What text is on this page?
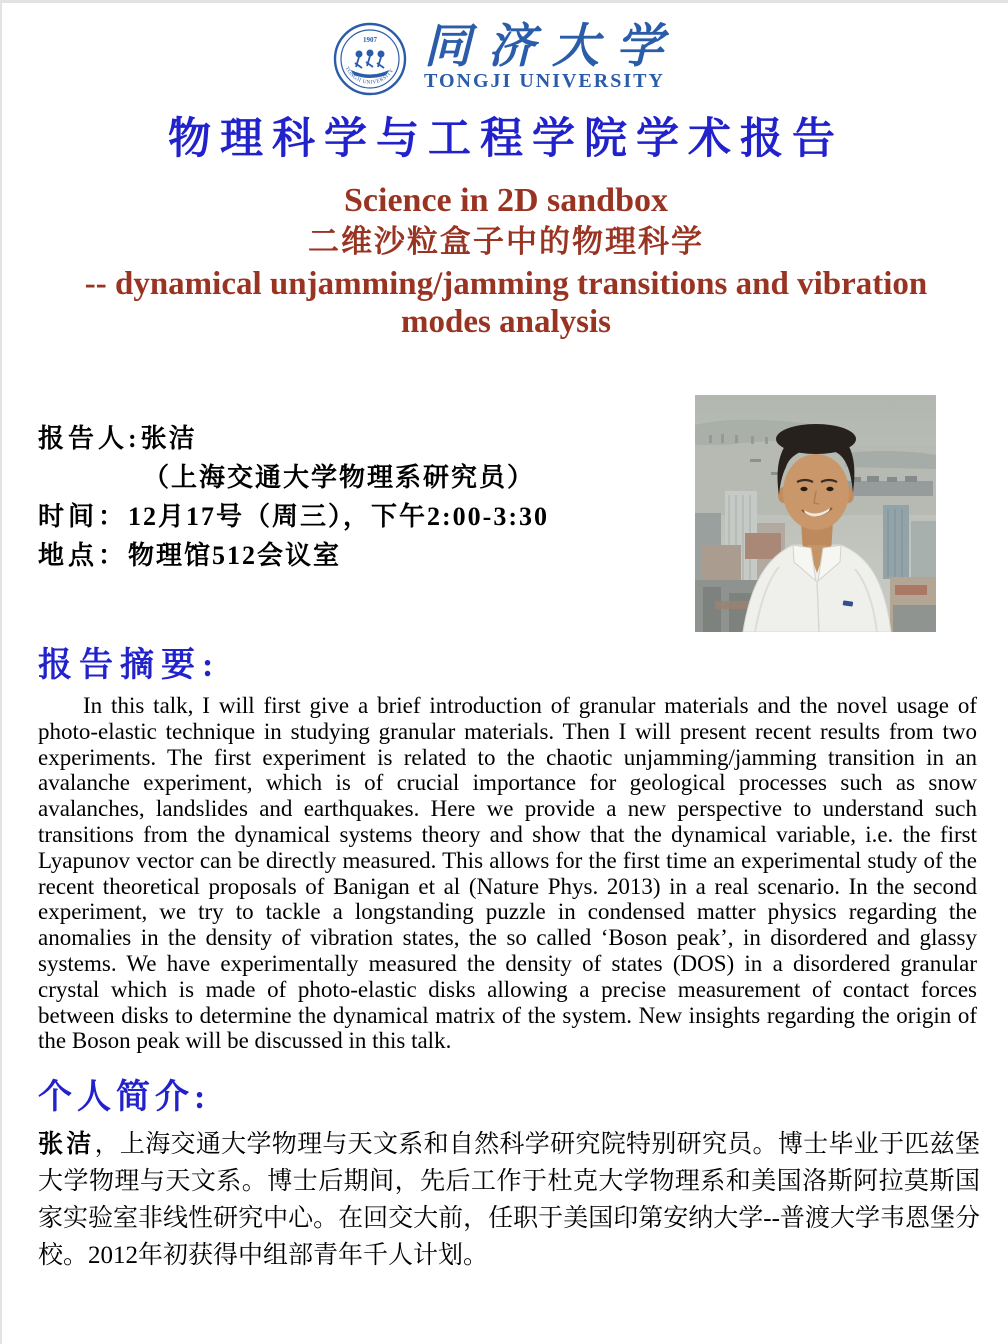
1907
TONGJI UNIVERSITY 同济大学
TONGJI UNIVERSITY
物理科学与工程学院学术报告
Science in 2D sandbox
二维沙粒盒子中的物理科学
-- dynamical unjamming/jamming transitions and vibration modes analysis
报告人:张洁
（上海交通大学物理系研究员）
时间：12月17号（周三），下午2:00-3:30
地点：物理馆512会议室
报告摘要:

In this talk, I will first give a brief introduction of granular materials and the novel usage of photo-elastic technique in studying granular materials. Then I will present recent results from two experiments. The first experiment is related to the chaotic unjamming/jamming transition in an avalanche experiment, which is of crucial importance for geological processes such as snow avalanches, landslides and earthquakes. Here we provide a new perspective to understand such transitions from the dynamical systems theory and show that the dynamical variable, i.e. the first Lyapunov vector can be directly measured. This allows for the first time an experimental study of the recent theoretical proposals of Banigan et al (Nature Phys. 2013) in a real scenario. In the second experiment, we try to tackle a longstanding puzzle in condensed matter physics regarding the anomalies in the density of vibration states, the so called ‘Boson peak’, in disordered and glassy systems. We have experimentally measured the density of states (DOS) in a disordered granular crystal which is made of photo-elastic disks allowing a precise measurement of contact forces between disks to determine the dynamical matrix of the system. New insights regarding the origin of the Boson peak will be discussed in this talk.

个人简介:

张洁，上海交通大学物理与天文系和自然科学研究院特别研究员。博士毕业于匹兹堡大学物理与天文系。博士后期间，先后工作于杜克大学物理系和美国洛斯阿拉莫斯国家实验室非线性研究中心。在回交大前，任职于美国印第安纳大学--普渡大学韦恩堡分校。2012年初获得中组部青年千人计划。
